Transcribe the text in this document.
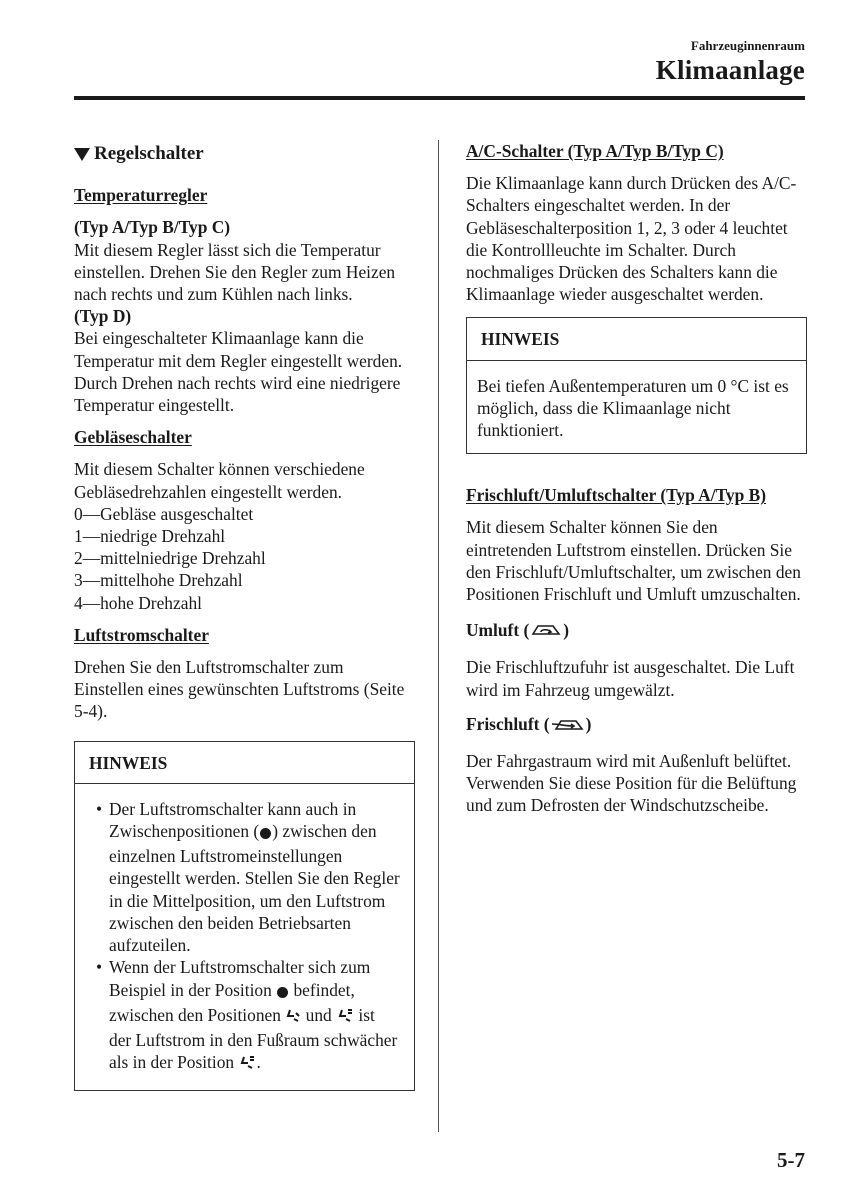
Fahrzeuginnenraum
Klimaanlage
Regelschalter
Temperaturregler

(Typ A/Typ B/Typ C)

Mit diesem Regler lässt sich die Temperatur einstellen. Drehen Sie den Regler zum Heizen nach rechts und zum Kühlen nach links.

(Typ D)

Bei eingeschalteter Klimaanlage kann die Temperatur mit dem Regler eingestellt werden. Durch Drehen nach rechts wird eine niedrigere Temperatur eingestellt.

Gebläseschalter

Mit diesem Schalter können verschiedene Gebläsedrehzahlen eingestellt werden.

0—Gebläse ausgeschaltet

1—niedrige Drehzahl

2—mittelniedrige Drehzahl

3—mittelhohe Drehzahl

4—hohe Drehzahl

Luftstromschalter

Drehen Sie den Luftstromschalter zum Einstellen eines gewünschten Luftstroms (Seite 5-4).

HINWEIS
• Der Luftstromschalter kann auch in Zwischenpositionen ( ) zwischen den einzelnen Luftstromeinstellungen eingestellt werden. Stellen Sie den Regler in die Mittelposition, um den Luftstrom zwischen den beiden Betriebsarten aufzuteilen.
• Wenn der Luftstromschalter sich zum Beispiel in der Position  befindet, zwischen den Positionen  und  ist der Luftstrom in den Fußraum schwächer als in der Position .
A/C-Schalter (Typ A/Typ B/Typ C)

Die Klimaanlage kann durch Drücken des A/C-Schalters eingeschaltet werden. In der Gebläseschalterposition 1, 2, 3 oder 4 leuchtet die Kontrollleuchte im Schalter. Durch nochmaliges Drücken des Schalters kann die Klimaanlage wieder ausgeschaltet werden.

HINWEIS
Bei tiefen Außentemperaturen um 0 °C ist es möglich, dass die Klimaanlage nicht funktioniert.
Frischluft/Umluftschalter (Typ A/Typ B)

Mit diesem Schalter können Sie den eintretenden Luftstrom einstellen. Drücken Sie den Frischluft/Umluftschalter, um zwischen den Positionen Frischluft und Umluft umzuschalten.

Umluft ( )

Die Frischluftzufuhr ist ausgeschaltet. Die Luft wird im Fahrzeug umgewälzt.

Frischluft ( )

Der Fahrgastraum wird mit Außenluft belüftet. Verwenden Sie diese Position für die Belüftung und zum Defrosten der Windschutzscheibe.

5-7
